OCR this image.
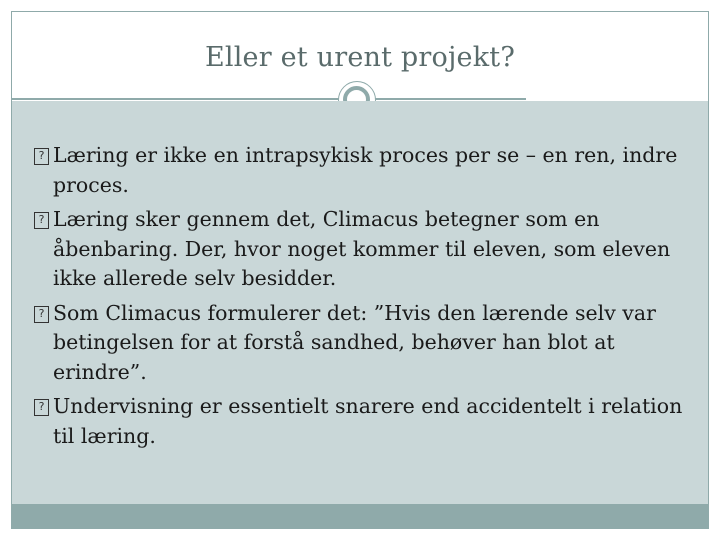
Eller et urent projekt?
? Læring er ikke en intrapsykisk proces per se – en ren, indre proces.
? Læring sker gennem det, Climacus betegner som en åbenbaring. Der, hvor noget kommer til eleven, som eleven ikke allerede selv besidder.
? Som Climacus formulerer det: ”Hvis den lærende selv var betingelsen for at forstå sandhed, behøver han blot at erindre”.
? Undervisning er essentielt snarere end accidentelt i relation til læring.
